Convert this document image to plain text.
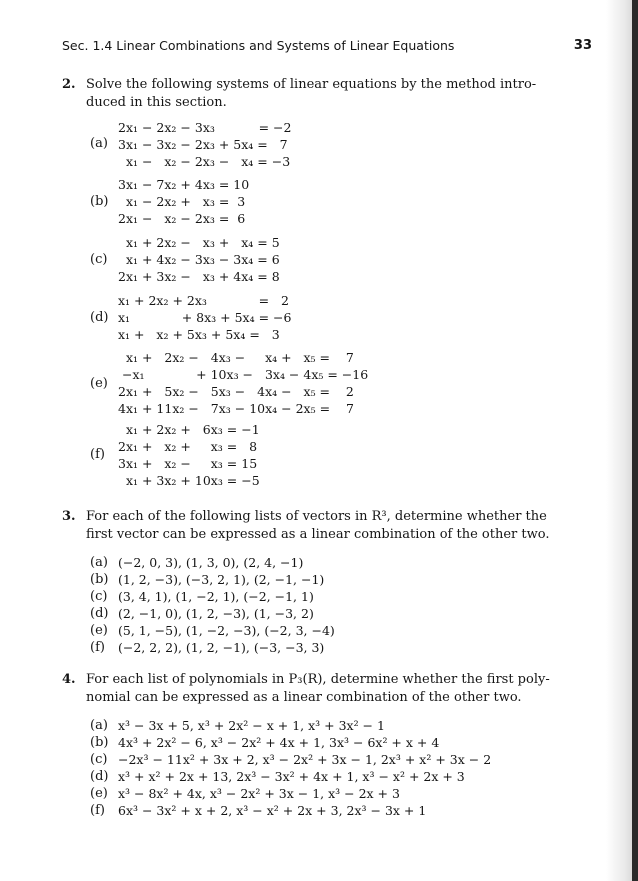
Sec. 1.4 Linear Combinations and Systems of Linear Equations	33
2. Solve the following systems of linear equations by the method intro-
duced in this section.
(a)
2x₁ − 2x₂ − 3x₃           = −2
3x₁ − 3x₂ − 2x₃ + 5x₄ =   7
x₁ −   x₂ − 2x₃ −   x₄ = −3
(b)
3x₁ − 7x₂ + 4x₃ = 10
x₁ − 2x₂ +   x₃ =  3
2x₁ −   x₂ − 2x₃ =  6
(c)
x₁ + 2x₂ −   x₃ +   x₄ = 5
x₁ + 4x₂ − 3x₃ − 3x₄ = 6
2x₁ + 3x₂ −   x₃ + 4x₄ = 8
(d)
x₁ + 2x₂ + 2x₃             =   2
x₁             + 8x₃ + 5x₄ = −6
x₁ +   x₂ + 5x₃ + 5x₄ =   3
(e)
x₁ +   2x₂ −   4x₃ −     x₄ +   x₅ =    7
−x₁             + 10x₃ −   3x₄ − 4x₅ = −16
2x₁ +   5x₂ −   5x₃ −   4x₄ −   x₅ =    2
4x₁ + 11x₂ −   7x₃ − 10x₄ − 2x₅ =    7
(f)
x₁ + 2x₂ +   6x₃ = −1
2x₁ +   x₂ +     x₃ =   8
3x₁ +   x₂ −     x₃ = 15
x₁ + 3x₂ + 10x₃ = −5
3. For each of the following lists of vectors in R³, determine whether the
first vector can be expressed as a linear combination of the other two.
(a) (−2, 0, 3), (1, 3, 0), (2, 4, −1)
(b) (1, 2, −3), (−3, 2, 1), (2, −1, −1)
(c) (3, 4, 1), (1, −2, 1), (−2, −1, 1)
(d) (2, −1, 0), (1, 2, −3), (1, −3, 2)
(e) (5, 1, −5), (1, −2, −3), (−2, 3, −4)
(f) (−2, 2, 2), (1, 2, −1), (−3, −3, 3)
4. For each list of polynomials in P₃(R), determine whether the first poly-
nomial can be expressed as a linear combination of the other two.
(a) x³ − 3x + 5, x³ + 2x² − x + 1, x³ + 3x² − 1
(b) 4x³ + 2x² − 6, x³ − 2x² + 4x + 1, 3x³ − 6x² + x + 4
(c) −2x³ − 11x² + 3x + 2, x³ − 2x² + 3x − 1, 2x³ + x² + 3x − 2
(d) x³ + x² + 2x + 13, 2x³ − 3x² + 4x + 1, x³ − x² + 2x + 3
(e) x³ − 8x² + 4x, x³ − 2x² + 3x − 1, x³ − 2x + 3
(f) 6x³ − 3x² + x + 2, x³ − x² + 2x + 3, 2x³ − 3x + 1
